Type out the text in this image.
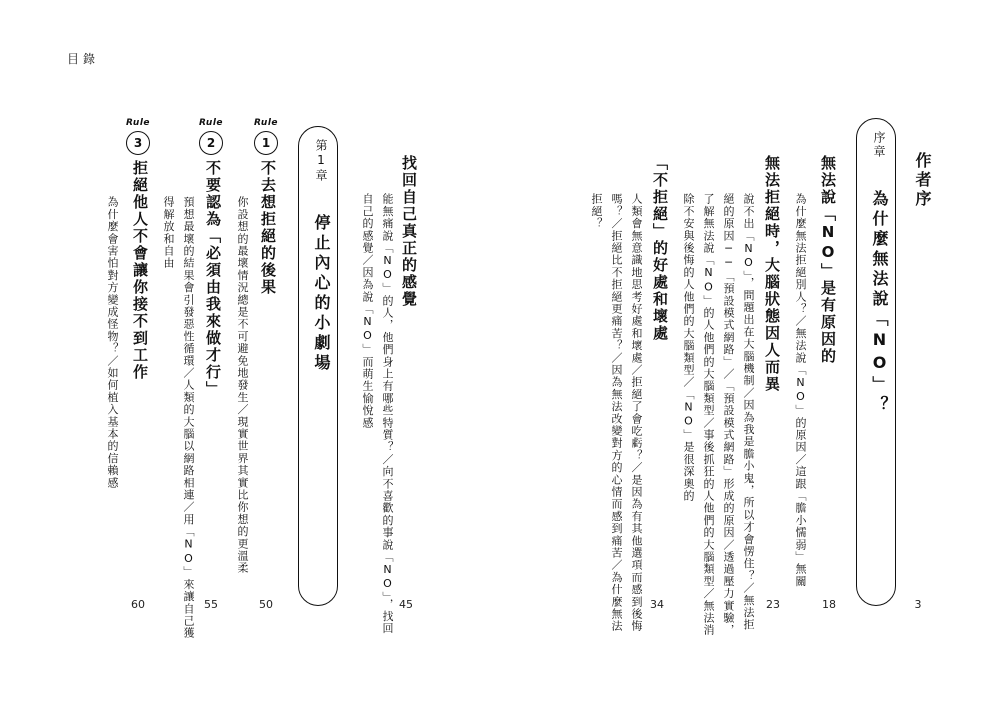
目錄
作者序
3
序章 為什麼無法說「NO」？
無法說「NO」是有原因的
為什麼無法拒絕別人？／無法說「NO」的原因／這跟「膽小懦弱」無關
18
無法拒絕時，大腦狀態因人而異
說不出「NO」，問題出在大腦機制／因為我是膽小鬼，所以才會愣住？／無法拒
絕的原因──「預設模式網路」／「預設模式網路」形成的原因／透過壓力實驗，
了解無法說「NO」的人他們的大腦類型／事後抓狂的人他們的大腦類型／無法消
除不安與後悔的人他們的大腦類型／「NO」是很深奧的
23
「不拒絕」的好處和壞處
人類會無意識地思考好處和壞處／拒絕了會吃虧？／是因為有其他選項而感到後悔
嗎？／拒絕比不拒絕更痛苦？／因為無法改變對方的心情而感到痛苦／為什麼無法
拒絕？
34
找回自己真正的感覺
能無痛說「NO」的人，他們身上有哪些特質？／向不喜歡的事說「NO」，找回
自己的感覺／因為說「NO」而萌生愉悅感
45
第1章 停止內心的小劇場
Rule
1
不去想拒絕的後果
你設想的最壞情況總是不可避免地發生／現實世界其實比你想的更溫柔
50
Rule
2
不要認為「必須由我來做才行」
預想最壞的結果會引發惡性循環／人類的大腦以網路相連／用「NO」來讓自己獲
得解放和自由
55
Rule
3
拒絕他人不會讓你接不到工作
為什麼會害怕對方變成怪物？／如何植入基本的信賴感
60
